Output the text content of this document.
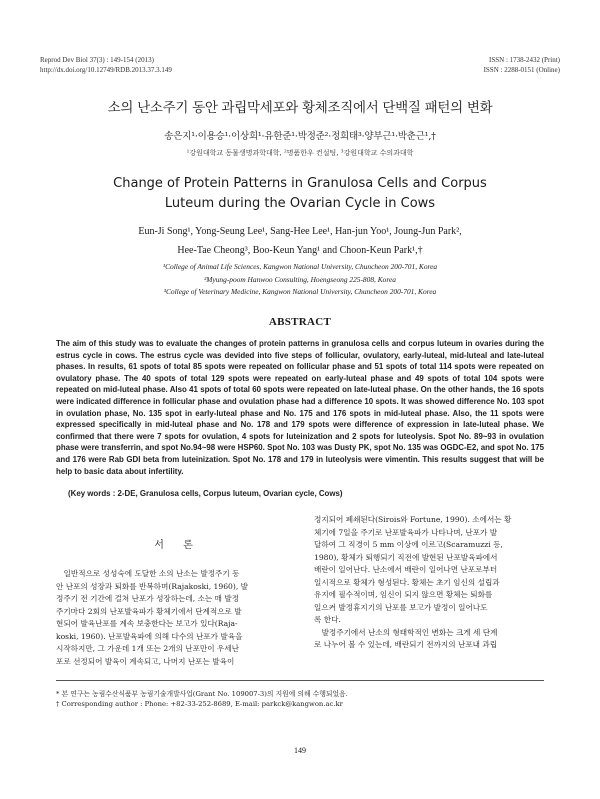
Reprod Dev Biol 37(3) : 149-154 (2013)
http://dx.doi.org/10.12749/RDB.2013.37.3.149
ISSN : 1738-2432 (Print)
ISSN : 2288-0151 (Online)
소의 난소주기 동안 과립막세포와 황체조직에서 단백질 패턴의 변화
송은지¹·이용승¹·이상희¹·유한준¹·박정준²·정희태³·양부근¹·박춘근¹,†
¹강원대학교 동물생명과학대학, ²명품한우 컨설팅, ³강원대학교 수의과대학
Change of Protein Patterns in Granulosa Cells and Corpus
Luteum during the Ovarian Cycle in Cows
Eun-Ji Song¹, Yong-Seung Lee¹, Sang-Hee Lee¹, Han-jun Yoo¹, Joung-Jun Park²,
Hee-Tae Cheong³, Boo-Keun Yang¹ and Choon-Keun Park¹,†
¹College of Animal Life Sciences, Kangwon National University, Chuncheon 200-701, Korea
²Myung-poom Hanwoo Consulting, Hoengseong 225-808, Korea
³College of Veterinary Medicine, Kangwon National University, Chuncheon 200-701, Korea
ABSTRACT
The aim of this study was to evaluate the changes of protein patterns in granulosa cells and corpus luteum in ovaries during the estrus cycle in cows. The estrus cycle was devided into five steps of follicular, ovulatory, early-luteal, mid-luteal and late-luteal phases. In results, 61 spots of total 85 spots were repeated on follicular phase and 51 spots of total 114 spots were repeated on ovulatory phase. The 40 spots of total 129 spots were repeated on early-luteal phase and 49 spots of total 104 spots were repeated on mid-luteal phase. Also 41 spots of total 60 spots were repeated on late-luteal phase. On the other hands, the 16 spots were indicated difference in follicular phase and ovulation phase had a difference 10 spots. It was showed difference No. 103 spot in ovulation phase, No. 135 spot in early-luteal phase and No. 175 and 176 spots in mid-luteal phase. Also, the 11 spots were expressed specifically in mid-luteal phase and No. 178 and 179 spots were difference of expression in late-luteal phase. We confirmed that there were 7 spots for ovulation, 4 spots for luteinization and 2 spots for luteolysis. Spot No. 89~93 in ovulation phase were transferrin, and spot No.94~98 were HSP60. Spot No. 103 was Dusty PK, spot No. 135 was OGDC-E2, and spot No. 175 and 176 were Rab GDI beta from luteinization. Spot No. 178 and 179 in luteolysis were vimentin. This results suggest that will be help to basic data about infertility.
(Key words : 2-DE, Granulosa cells, Corpus luteum, Ovarian cycle, Cows)
서 론
　일반적으로 성성숙에 도달한 소의 난소는 발정주기 동
안 난포의 성장과 퇴화를 반복하며(Rajakoski, 1960), 발
정주기 전 기간에 걸쳐 난포가 성장하는데, 소는 매 발정
주기마다 2회의 난포발육파가 황체기에서 단계적으로 발
현되어 발육난포를 계속 보충한다는 보고가 있다(Raja-
koski, 1960). 난포발육파에 의해 다수의 난포가 발육을
시작하지만, 그 가운데 1개 또는 2개의 난포만이 우세난
포로 선정되어 발육이 계속되고, 나머지 난포는 발육이
정지되어 폐쇄된다(Sirois와 Fortune, 1990). 소에서는 황
체기에 7일을 주기로 난포발육파가 나타나며, 난포가 발
달하여 그 직경이 5 mm 이상에 이르고(Scaramuzzi 등,
1980), 황체가 퇴행되기 직전에 발현된 난포발육파에서
배란이 일어난다. 난소에서 배란이 일어나면 난포로부터
일시적으로 황체가 형성된다. 황체는 초기 임신의 설립과
유지에 필수적이며, 임신이 되지 않으면 황체는 퇴화를
일으켜 발정휴지기의 난포를 보고가 발정이 일어나도
록 한다.
　발정주기에서 난소의 형태학적인 변화는 크게 세 단계
로 나누어 볼 수 있는데, 배란되기 전까지의 난포내 과립
* 본 연구는 농림수산식품부 농림기술개발사업(Grant No. 109007-3)의 지원에 의해 수행되었음.
† Corresponding author : Phone: +82-33-252-8689, E-mail: parkck@kangwon.ac.kr
149
